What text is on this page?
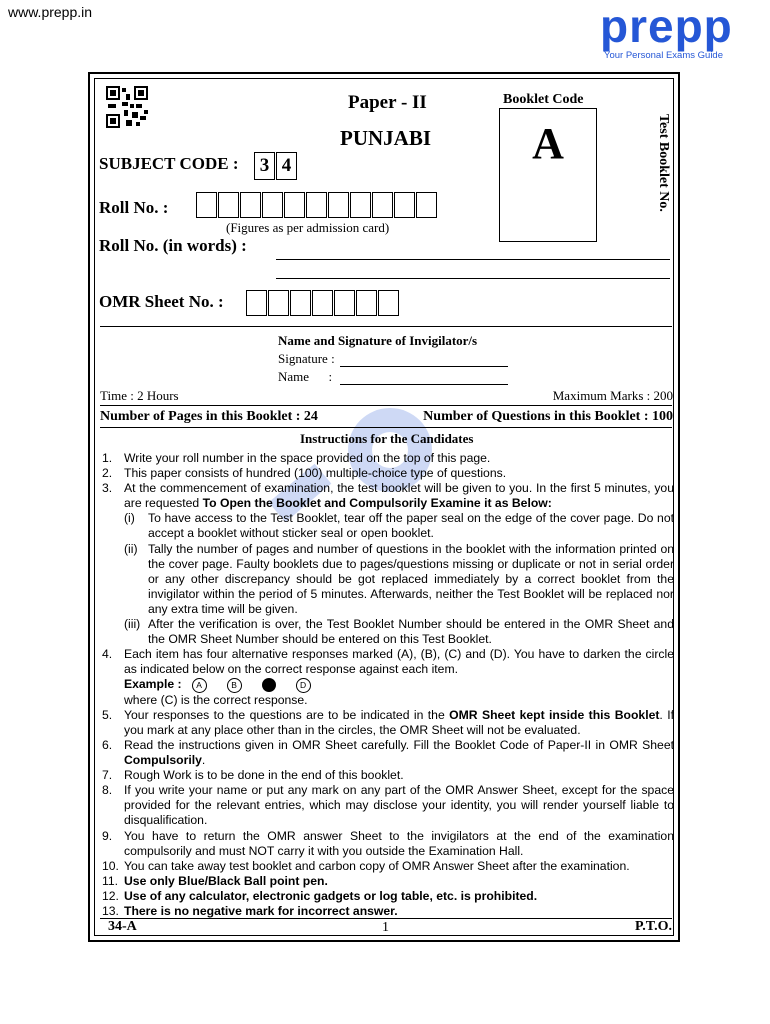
www.prepp.in	prepp
Your Personal Exams Guide
Paper - II
PUNJABI
Booklet Code
A	Test Booklet No.
SUBJECT CODE :	3 4
Roll No. :
(Figures as per admission card)
Roll No. (in words) :
OMR Sheet No. :
Name and Signature of Invigilator/s
Signature :
Name      :
Time : 2 Hours	Maximum Marks : 200
Number of Pages in this Booklet : 24	Number of Questions in this Booklet : 100
Instructions for the Candidates
1. Write your roll number in the space provided on the top of this page.
2. This paper consists of hundred (100) multiple-choice type of questions.
3. At the commencement of examination, the test booklet will be given to you. In the first 5 minutes, you are requested To Open the Booklet and Compulsorily Examine it as Below:
(i)	To have access to the Test Booklet, tear off the paper seal on the edge of the cover page. Do not accept a booklet without sticker seal or open booklet.
(ii) Tally the number of pages and number of questions in the booklet with the information printed on the cover page. Faulty booklets due to pages/questions missing or duplicate or not in serial order or any other discrepancy should be got replaced immediately by a correct booklet from the invigilator within the period of 5 minutes. Afterwards, neither the Test Booklet will be replaced nor any extra time will be given.
(iii) After the verification is over, the Test Booklet Number should be entered in the OMR Sheet and the OMR Sheet Number should be entered on this Test Booklet.
4. Each item has four alternative responses marked (A), (B), (C) and (D). You have to darken the circle as indicated below on the correct response against each item.
Example : A	B	D
where (C) is the correct response.
5. Your responses to the questions are to be indicated in the OMR Sheet kept inside this Booklet. If you mark at any place other than in the circles, the OMR Sheet will not be evaluated.
6. Read the instructions given in OMR Sheet carefully. Fill the Booklet Code of Paper-II in OMR Sheet Compulsorily.
7. Rough Work is to be done in the end of this booklet.
8. If you write your name or put any mark on any part of the OMR Answer Sheet, except for the space provided for the relevant entries, which may disclose your identity, you will render yourself liable to disqualification.
9. You have to return the OMR answer Sheet to the invigilators at the end of the examination compulsorily and must NOT carry it with you outside the Examination Hall.
10. You can take away test booklet and carbon copy of OMR Answer Sheet after the examination.
11. Use only Blue/Black Ball point pen.
12. Use of any calculator, electronic gadgets or log table, etc. is prohibited.
13. There is no negative mark for incorrect answer.
34-A	1	P.T.O.
